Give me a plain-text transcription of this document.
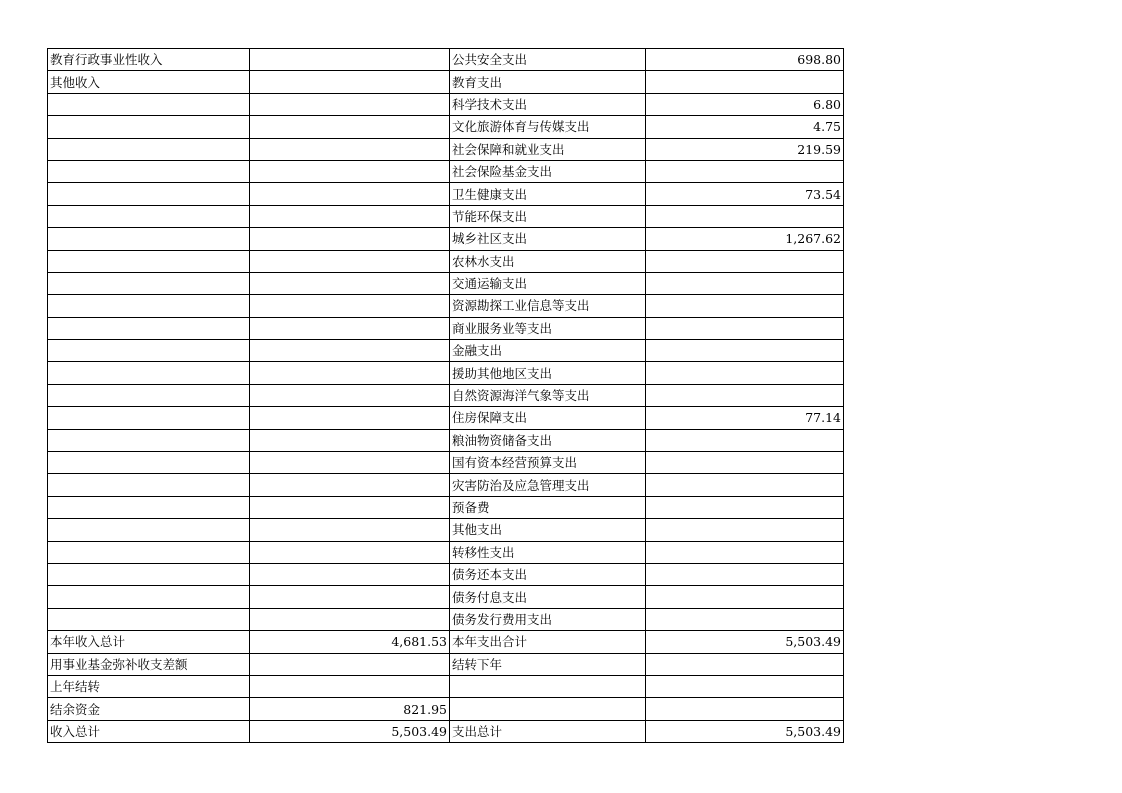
教育行政事业性收入		公共安全支出	698.80
其他收入		教育支出	
		科学技术支出	6.80
		文化旅游体育与传媒支出	4.75
		社会保障和就业支出	219.59
		社会保险基金支出	
		卫生健康支出	73.54
		节能环保支出	
		城乡社区支出	1,267.62
		农林水支出	
		交通运输支出	
		资源勘探工业信息等支出	
		商业服务业等支出	
		金融支出	
		援助其他地区支出	
		自然资源海洋气象等支出	
		住房保障支出	77.14
		粮油物资储备支出	
		国有资本经营预算支出	
		灾害防治及应急管理支出	
		预备费	
		其他支出	
		转移性支出	
		债务还本支出	
		债务付息支出	
		债务发行费用支出	
本年收入总计	4,681.53	本年支出合计	5,503.49
用事业基金弥补收支差额		结转下年	
上年结转			
结余资金	821.95		
收入总计	5,503.49	支出总计	5,503.49
